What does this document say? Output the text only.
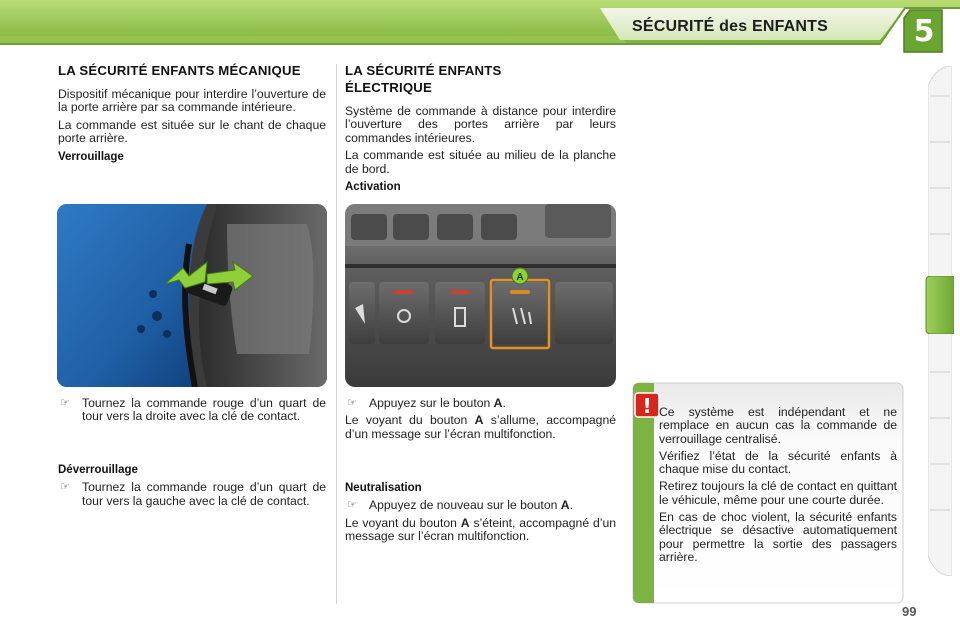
SÉCURITÉ des ENFANTS	5
LA SÉCURITÉ ENFANTS MÉCANIQUE

Dispositif mécanique pour interdire l’ouverture de la porte arrière par sa commande intérieure.

La commande est située sur le chant de chaque porte arrière.

Verrouillage
☞ Tournez la commande rouge d’un quart de tour vers la droite avec la clé de contact.
Déverrouillage
☞ Tournez la commande rouge d’un quart de tour vers la gauche avec la clé de contact.
LA SÉCURITÉ ENFANTS
ÉLECTRIQUE

Système de commande à distance pour interdire l’ouverture des portes arrière par leurs commandes intérieures.

La commande est située au milieu de la planche de bord.

Activation
A
☞ Appuyez sur le bouton A.

Le voyant du bouton A s’allume, accompagné d’un message sur l’écran multifonction.

Neutralisation
☞ Appuyez de nouveau sur le bouton A.

Le voyant du bouton A s’éteint, accompagné d’un message sur l’écran multifonction.

! Ce système est indépendant et ne remplace en aucun cas la commande de verrouillage centralisé.

Vérifiez l’état de la sécurité enfants à chaque mise du contact.

Retirez toujours la clé de contact en quittant le véhicule, même pour une courte durée.

En cas de choc violent, la sécurité enfants électrique se désactive automatiquement pour permettre la sortie des passagers arrière.

99
